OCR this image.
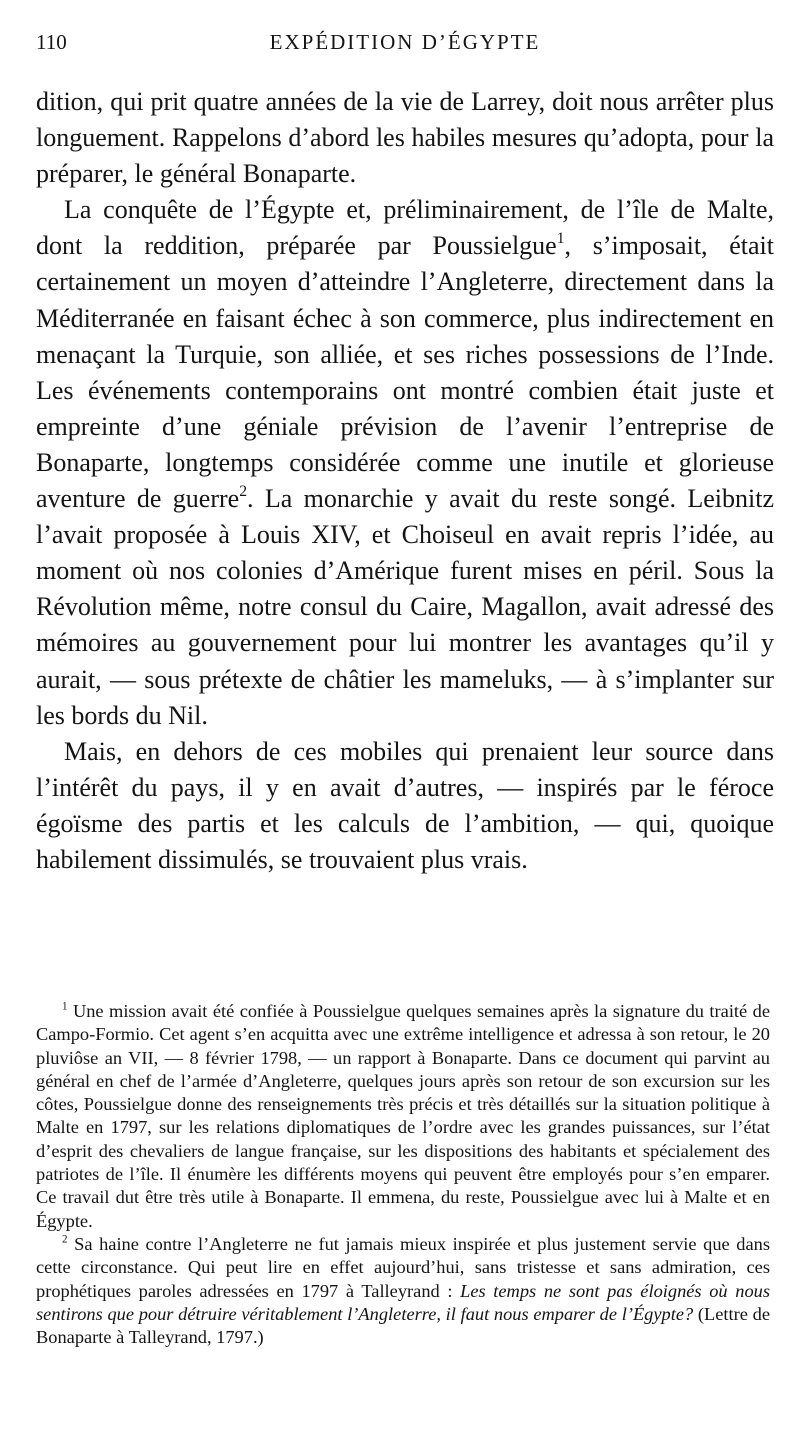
110	EXPÉDITION D’ÉGYPTE

dition, qui prit quatre années de la vie de Larrey, doit nous arrêter plus longuement. Rappelons d’abord les habiles mesures qu’adopta, pour la préparer, le général Bonaparte.

La conquête de l’Égypte et, préliminairement, de l’île de Malte, dont la reddition, préparée par Poussielgue$^1$, s’imposait, était certainement un moyen d’atteindre l’Angleterre, directement dans la Méditerranée en faisant échec à son commerce, plus indirectement en menaçant la Turquie, son alliée, et ses riches possessions de l’Inde. Les événements contemporains ont montré combien était juste et empreinte d’une géniale prévision de l’avenir l’entreprise de Bonaparte, longtemps considérée comme une inutile et glorieuse aventure de guerre$^2$. La monarchie y avait du reste songé. Leibnitz l’avait proposée à Louis XIV, et Choiseul en avait repris l’idée, au moment où nos colonies d’Amérique furent mises en péril. Sous la Révolution même, notre consul du Caire, Magallon, avait adressé des mémoires au gouvernement pour lui montrer les avantages qu’il y aurait, — sous prétexte de châtier les mameluks, — à s’implanter sur les bords du Nil.

Mais, en dehors de ces mobiles qui prenaient leur source dans l’intérêt du pays, il y en avait d’autres, — inspirés par le féroce égoïsme des partis et les calculs de l’ambition, — qui, quoique habilement dissimulés, se trouvaient plus vrais.

$^1$ Une mission avait été confiée à Poussielgue quelques semaines après la signature du traité de Campo-Formio. Cet agent s’en acquitta avec une extrême intelligence et adressa à son retour, le 20 pluviôse an VII, — 8 février 1798, — un rapport à Bonaparte. Dans ce document qui parvint au général en chef de l’armée d’Angleterre, quelques jours après son retour de son excursion sur les côtes, Poussielgue donne des renseignements très précis et très détaillés sur la situation politique à Malte en 1797, sur les relations diplomatiques de l’ordre avec les grandes puissances, sur l’état d’esprit des chevaliers de langue française, sur les dispositions des habitants et spécialement des patriotes de l’île. Il énumère les différents moyens qui peuvent être employés pour s’en emparer. Ce travail dut être très utile à Bonaparte. Il emmena, du reste, Poussielgue avec lui à Malte et en Égypte.

$^2$ Sa haine contre l’Angleterre ne fut jamais mieux inspirée et plus justement servie que dans cette circonstance. Qui peut lire en effet aujourd’hui, sans tristesse et sans admiration, ces prophétiques paroles adressées en 1797 à Talleyrand : Les temps ne sont pas éloignés où nous sentirons que pour détruire véritablement l’Angleterre, il faut nous emparer de l’Égypte? (Lettre de Bonaparte à Talleyrand, 1797.)
